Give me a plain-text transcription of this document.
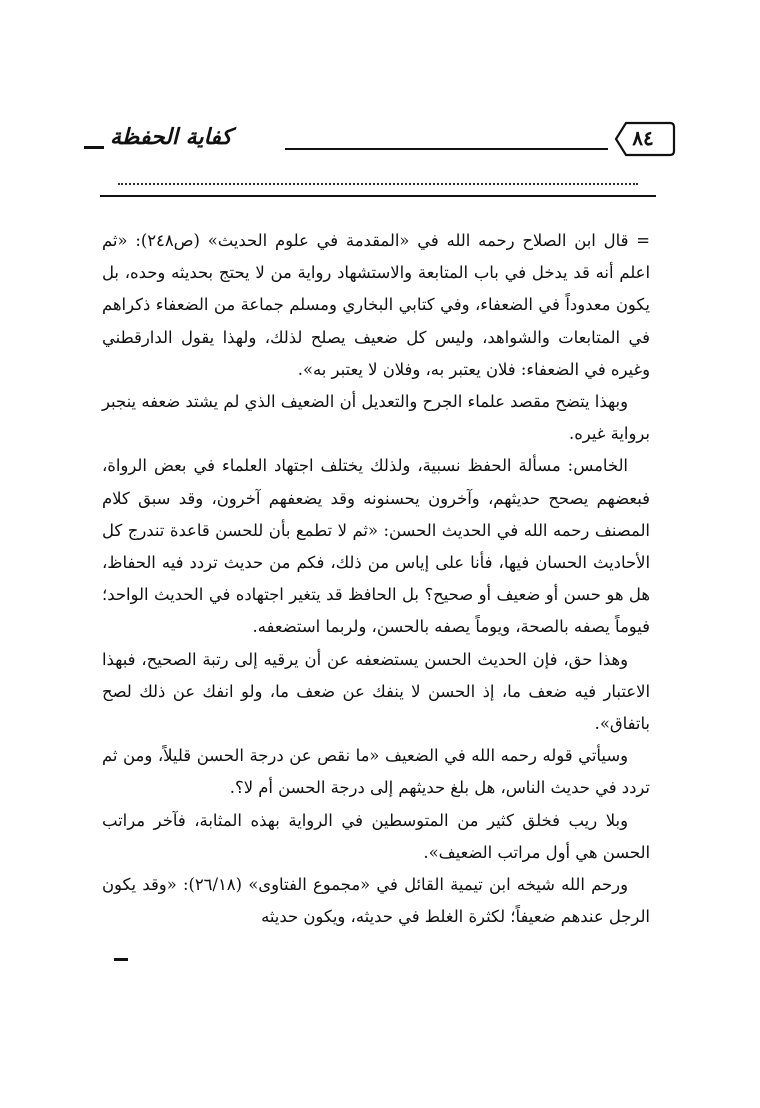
كفاية الحفظة	٨٤

= قال ابن الصلاح رحمه الله في «المقدمة في علوم الحديث» (ص٢٤٨): «ثم اعلم أنه قد يدخل في باب المتابعة والاستشهاد رواية من لا يحتج بحديثه وحده، بل يكون معدوداً في الضعفاء، وفي كتابي البخاري ومسلم جماعة من الضعفاء ذكراهم في المتابعات والشواهد، وليس كل ضعيف يصلح لذلك، ولهذا يقول الدارقطني وغيره في الضعفاء: فلان يعتبر به، وفلان لا يعتبر به».

وبهذا يتضح مقصد علماء الجرح والتعديل أن الضعيف الذي لم يشتد ضعفه ينجبر برواية غيره.

الخامس: مسألة الحفظ نسبية، ولذلك يختلف اجتهاد العلماء في بعض الرواة، فبعضهم يصحح حديثهم، وآخرون يحسنونه وقد يضعفهم آخرون، وقد سبق كلام المصنف رحمه الله في الحديث الحسن: «ثم لا تطمع بأن للحسن قاعدة تندرج كل الأحاديث الحسان فيها، فأنا على إياس من ذلك، فكم من حديث تردد فيه الحفاظ، هل هو حسن أو ضعيف أو صحيح؟ بل الحافظ قد يتغير اجتهاده في الحديث الواحد؛ فيوماً يصفه بالصحة، ويوماً يصفه بالحسن، ولربما استضعفه.

وهذا حق، فإن الحديث الحسن يستضعفه عن أن يرقيه إلى رتبة الصحيح، فبهذا الاعتبار فيه ضعف ما، إذ الحسن لا ينفك عن ضعف ما، ولو انفك عن ذلك لصح باتفاق».

وسيأتي قوله رحمه الله في الضعيف «ما نقص عن درجة الحسن قليلاً، ومن ثم تردد في حديث الناس، هل بلغ حديثهم إلى درجة الحسن أم لا؟.

وبلا ريب فخلق كثير من المتوسطين في الرواية بهذه المثابة، فآخر مراتب الحسن هي أول مراتب الضعيف».

ورحم الله شيخه ابن تيمية القائل في «مجموع الفتاوى» (٢٦/١٨): «وقد يكون الرجل عندهم ضعيفاً؛ لكثرة الغلط في حديثه، ويكون حديثه
